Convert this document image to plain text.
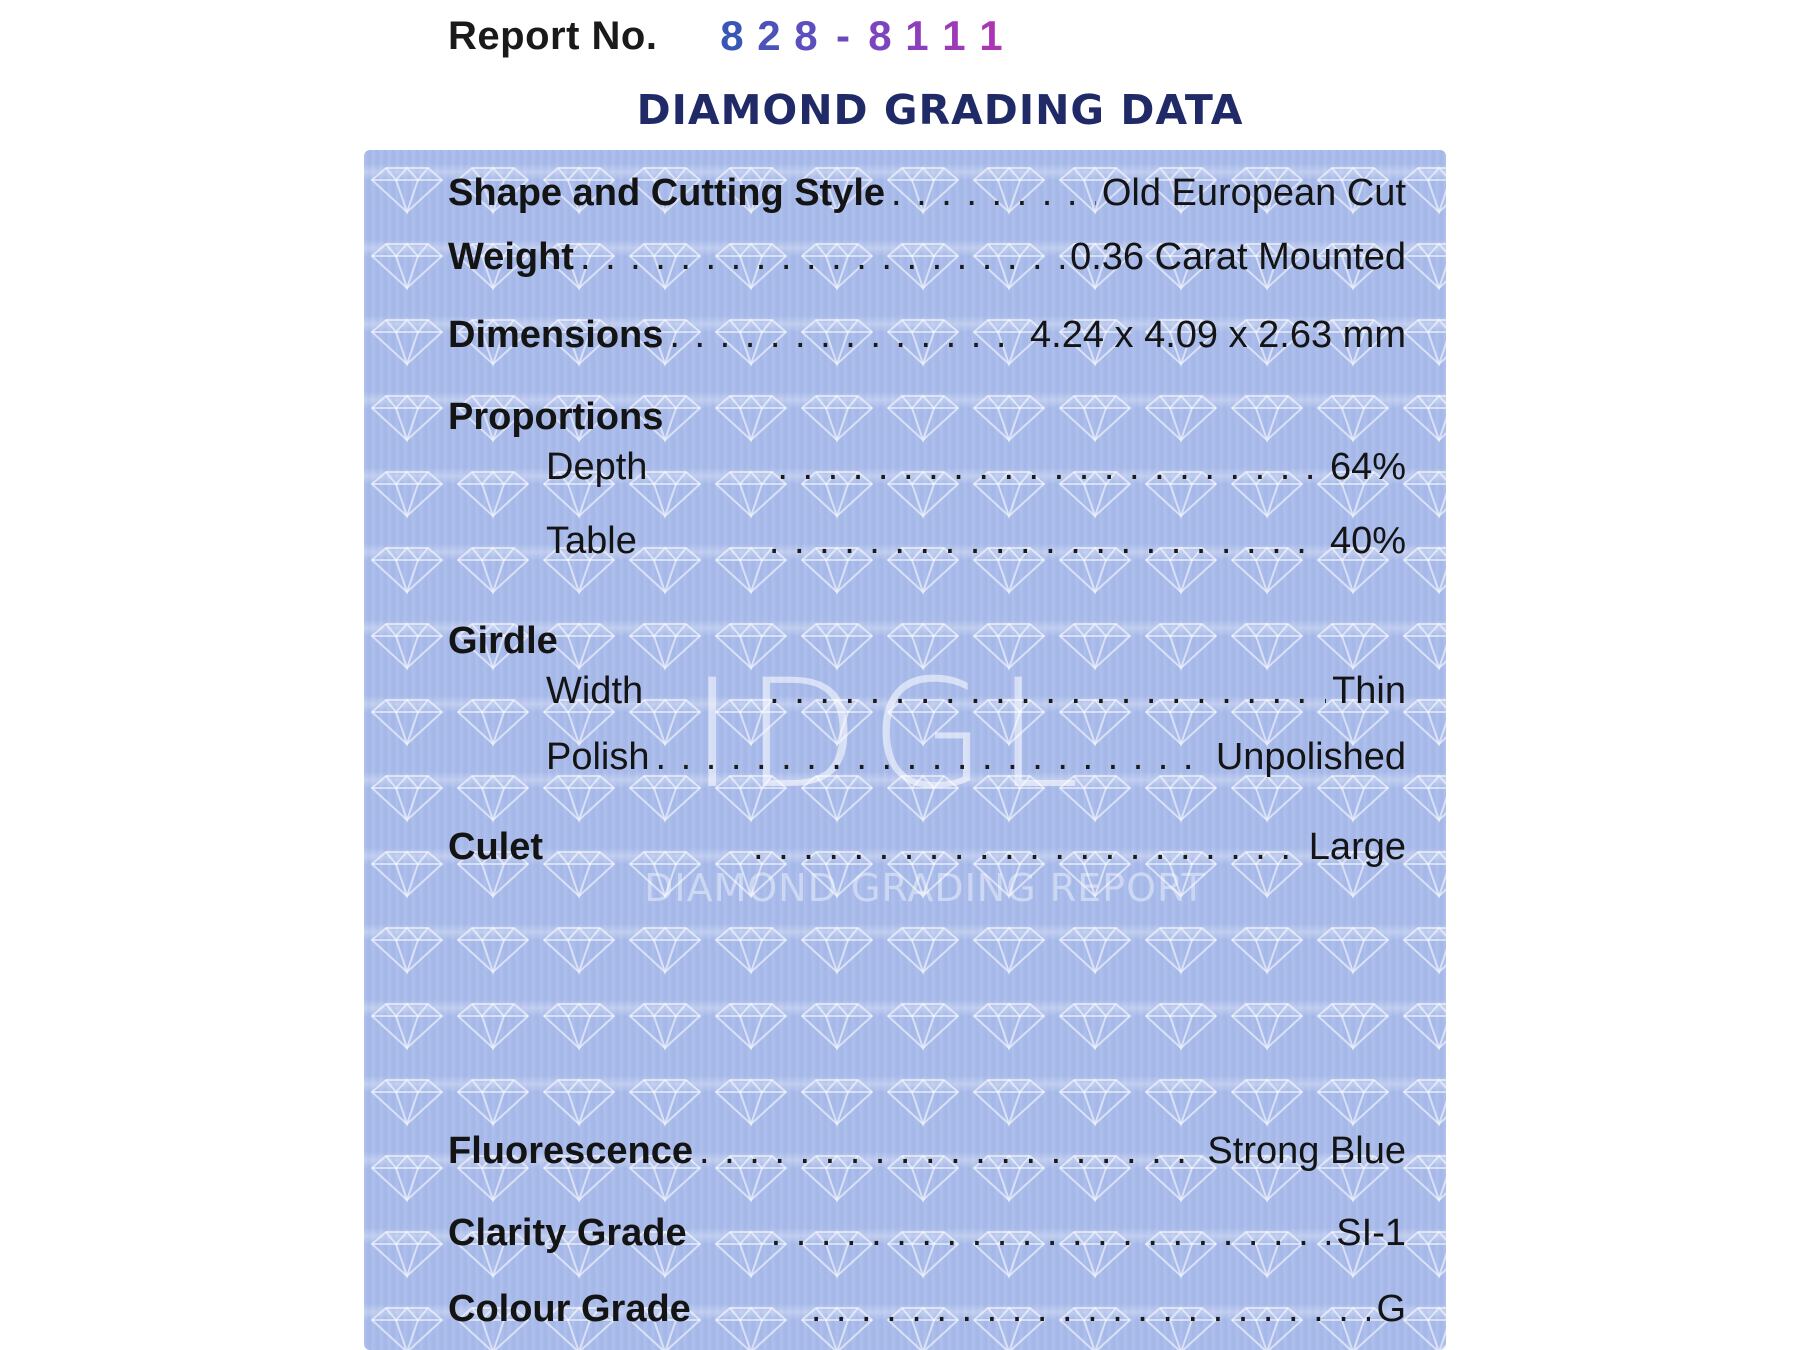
Report No. 8 2 8 - 8 1 1 1
DIAMOND GRADING DATA
IDGL
DIAMOND GRADING REPORT
Shape and Cutting Style . . .	Old European Cut
Weight . . .	0.36 Carat Mounted
Dimensions . . .	4.24 x 4.09 x 2.63 mm
Proportions
Depth . . .	64%
Table . . .	40%
Girdle
Width . . .	Thin
Polish . . .	Unpolished
Culet . . .	Large
Fluorescence . . .	Strong Blue
Clarity Grade . . .	SI-1
Colour Grade . . .	G
